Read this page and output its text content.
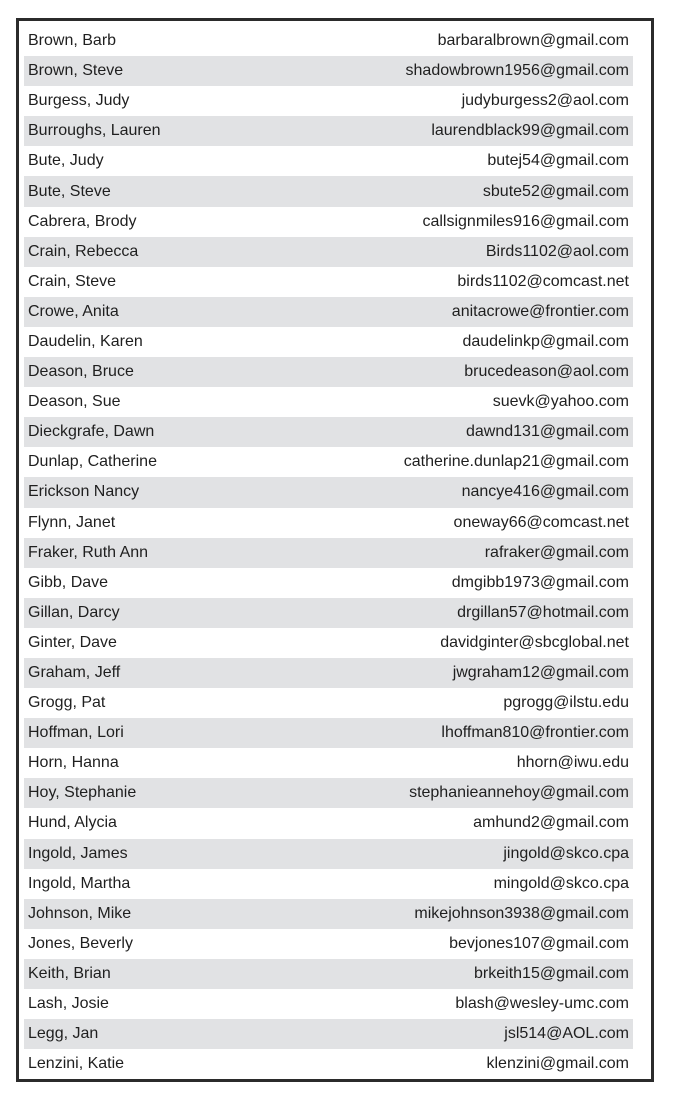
Brown, Barb	barbaralbrown@gmail.com
Brown, Steve	shadowbrown1956@gmail.com
Burgess, Judy	judyburgess2@aol.com
Burroughs, Lauren	laurendblack99@gmail.com
Bute, Judy	butej54@gmail.com
Bute, Steve	sbute52@gmail.com
Cabrera, Brody	callsignmiles916@gmail.com
Crain, Rebecca	Birds1102@aol.com
Crain, Steve	birds1102@comcast.net
Crowe, Anita	anitacrowe@frontier.com
Daudelin, Karen	daudelinkp@gmail.com
Deason, Bruce	brucedeason@aol.com
Deason, Sue	suevk@yahoo.com
Dieckgrafe, Dawn	dawnd131@gmail.com
Dunlap, Catherine	catherine.dunlap21@gmail.com
Erickson Nancy	nancye416@gmail.com
Flynn, Janet	oneway66@comcast.net
Fraker, Ruth Ann	rafraker@gmail.com
Gibb, Dave	dmgibb1973@gmail.com
Gillan, Darcy	drgillan57@hotmail.com
Ginter, Dave	davidginter@sbcglobal.net
Graham, Jeff	jwgraham12@gmail.com
Grogg, Pat	pgrogg@ilstu.edu
Hoffman, Lori	lhoffman810@frontier.com
Horn, Hanna	hhorn@iwu.edu
Hoy, Stephanie	stephanieannehoy@gmail.com
Hund, Alycia	amhund2@gmail.com
Ingold, James	jingold@skco.cpa
Ingold, Martha	mingold@skco.cpa
Johnson, Mike	mikejohnson3938@gmail.com
Jones, Beverly	bevjones107@gmail.com
Keith, Brian	brkeith15@gmail.com
Lash, Josie	blash@wesley-umc.com
Legg, Jan	jsl514@AOL.com
Lenzini, Katie	klenzini@gmail.com
